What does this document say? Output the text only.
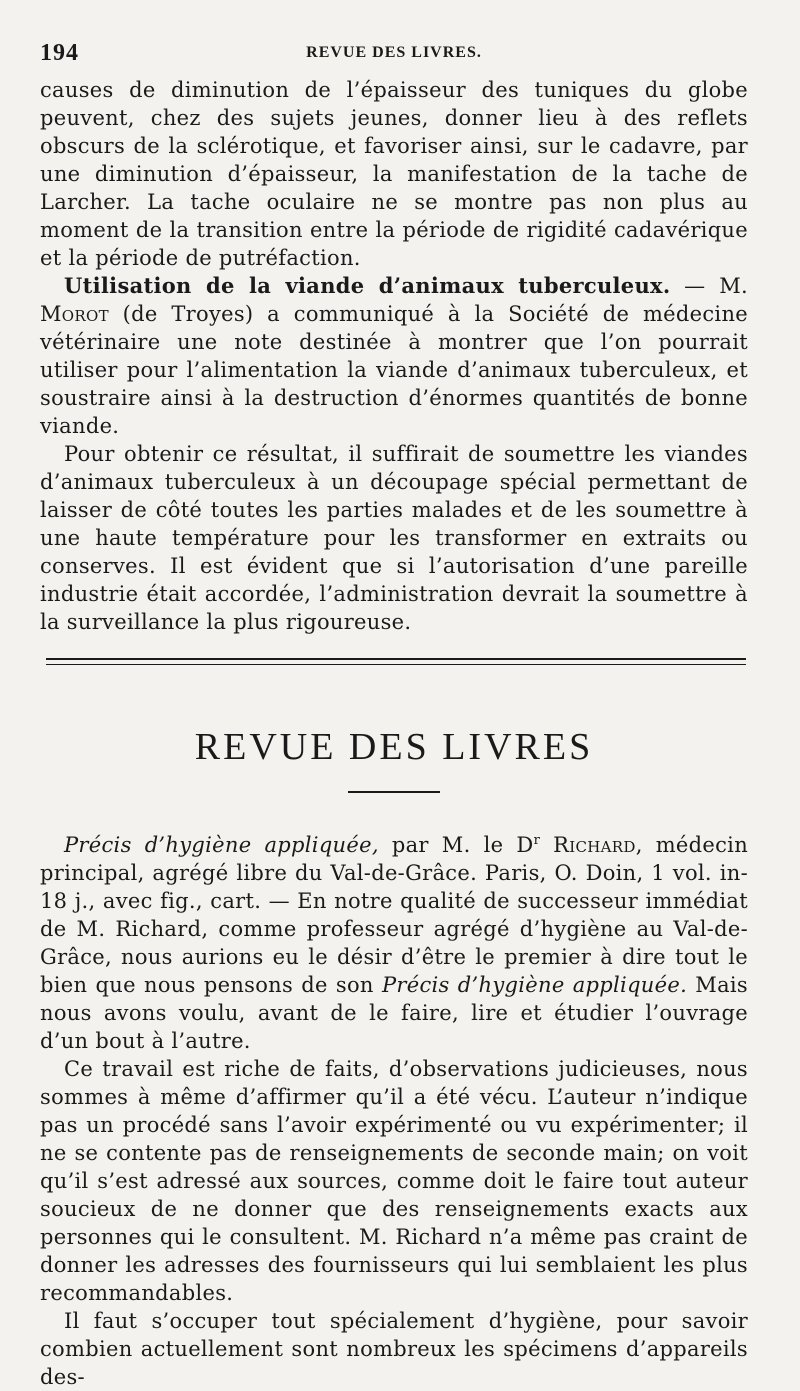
194	REVUE DES LIVRES.

causes de diminution de l’épaisseur des tuniques du globe peuvent, chez des sujets jeunes, donner lieu à des reflets obscurs de la sclérotique, et favoriser ainsi, sur le cadavre, par une diminution d’épaisseur, la manifestation de la tache de Larcher. La tache oculaire ne se montre pas non plus au moment de la transition entre la période de rigidité cadavérique et la période de putréfaction.

Utilisation de la viande d’animaux tuberculeux. — M. Morot (de Troyes) a communiqué à la Société de médecine vétérinaire une note destinée à montrer que l’on pourrait utiliser pour l’alimentation la viande d’animaux tuberculeux, et soustraire ainsi à la destruction d’énormes quantités de bonne viande.

Pour obtenir ce résultat, il suffirait de soumettre les viandes d’animaux tuberculeux à un découpage spécial permettant de laisser de côté toutes les parties malades et de les soumettre à une haute température pour les transformer en extraits ou conserves. Il est évident que si l’autorisation d’une pareille industrie était accordée, l’administration devrait la soumettre à la surveillance la plus rigoureuse.

REVUE DES LIVRES

Précis d’hygiène appliquée, par M. le $D^r$ Richard, médecin principal, agrégé libre du Val-de-Grâce. Paris, O. Doin, 1 vol. in-18 j., avec fig., cart. — En notre qualité de successeur immédiat de M. Richard, comme professeur agrégé d’hygiène au Val-de-Grâce, nous aurions eu le désir d’être le premier à dire tout le bien que nous pensons de son Précis d’hygiène appliquée. Mais nous avons voulu, avant de le faire, lire et étudier l’ouvrage d’un bout à l’autre.

Ce travail est riche de faits, d’observations judicieuses, nous sommes à même d’affirmer qu’il a été vécu. L’auteur n’indique pas un procédé sans l’avoir expérimenté ou vu expérimenter; il ne se contente pas de renseignements de seconde main; on voit qu’il s’est adressé aux sources, comme doit le faire tout auteur soucieux de ne donner que des renseignements exacts aux personnes qui le consultent. M. Richard n’a même pas craint de donner les adresses des fournisseurs qui lui semblaient les plus recommandables.

Il faut s’occuper tout spécialement d’hygiène, pour savoir combien actuellement sont nombreux les spécimens d’appareils des-
